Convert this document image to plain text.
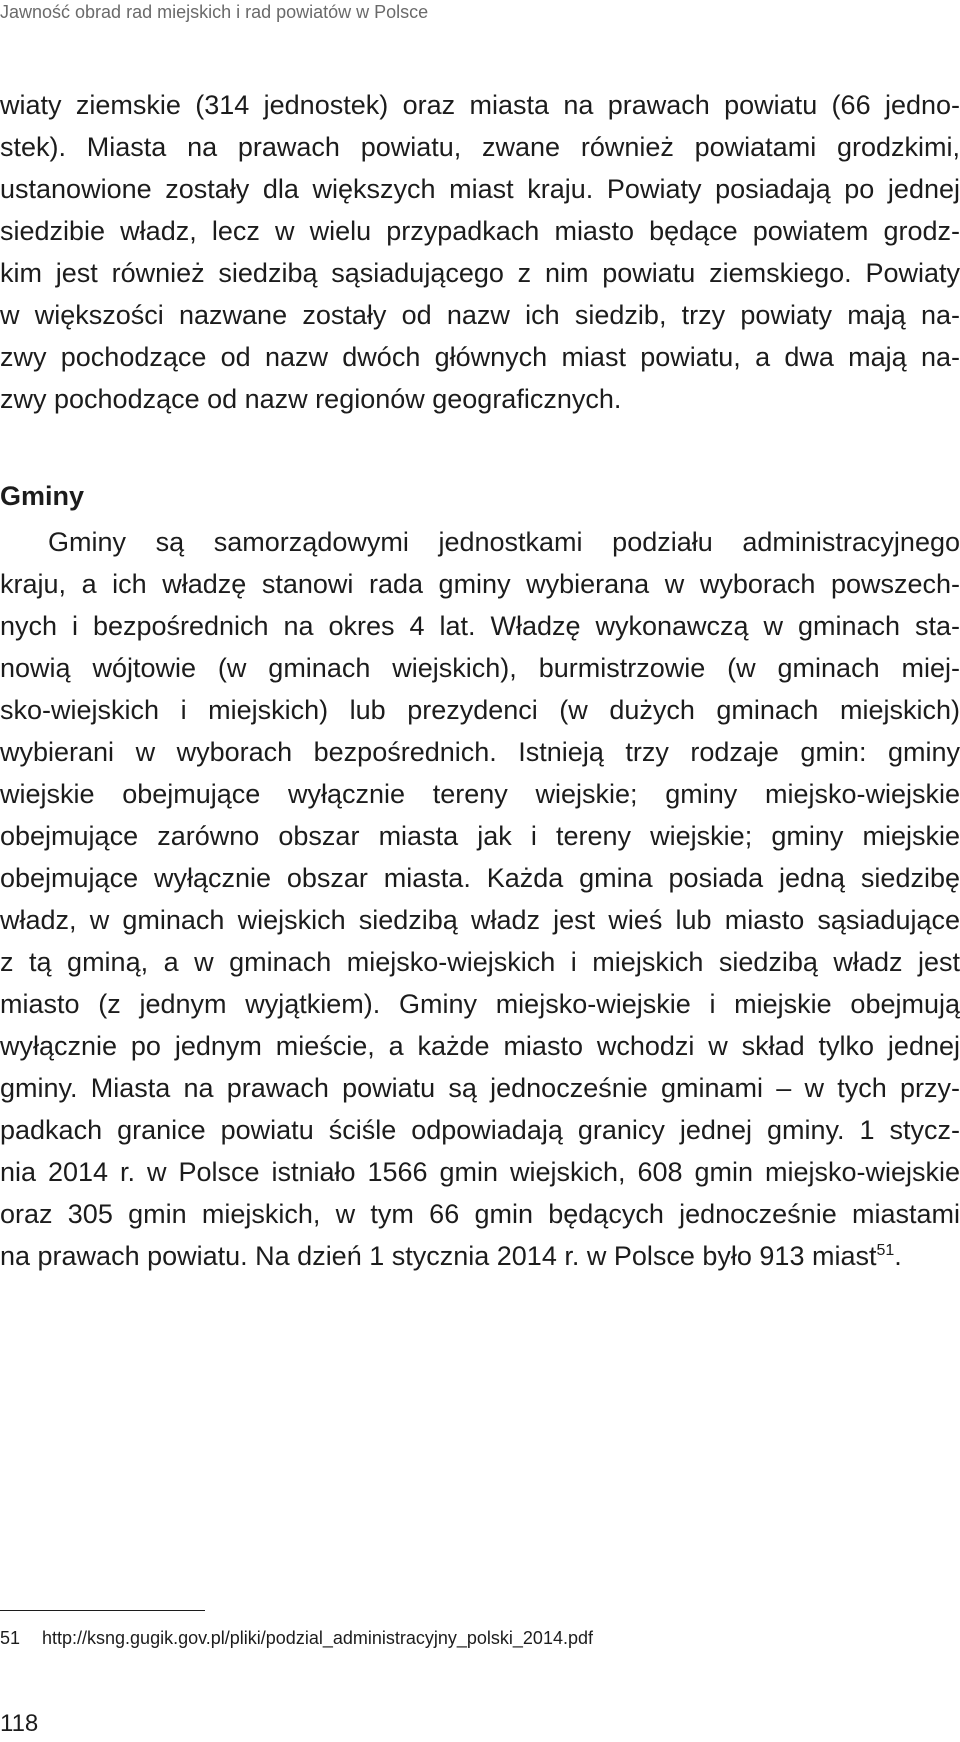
Jawność obrad rad miejskich i rad powiatów w Polsce
wiaty ziemskie (314 jednostek) oraz miasta na prawach powiatu (66 jedno-
stek). Miasta na prawach powiatu, zwane również powiatami grodzkimi,
ustanowione zostały dla większych miast kraju. Powiaty posiadają po jednej
siedzibie władz, lecz w wielu przypadkach miasto będące powiatem grodz-
kim jest również siedzibą sąsiadującego z nim powiatu ziemskiego. Powiaty
w większości nazwane zostały od nazw ich siedzib, trzy powiaty mają na-
zwy pochodzące od nazw dwóch głównych miast powiatu, a dwa mają na-
zwy pochodzące od nazw regionów geograficznych.
Gminy
Gminy są samorządowymi jednostkami podziału administracyjnego
kraju, a ich władzę stanowi rada gminy wybierana w wyborach powszech-
nych i bezpośrednich na okres 4 lat. Władzę wykonawczą w gminach sta-
nowią wójtowie (w gminach wiejskich), burmistrzowie (w gminach miej-
sko-wiejskich i miejskich) lub prezydenci (w dużych gminach miejskich)
wybierani w wyborach bezpośrednich. Istnieją trzy rodzaje gmin: gminy
wiejskie obejmujące wyłącznie tereny wiejskie; gminy miejsko-wiejskie
obejmujące zarówno obszar miasta jak i tereny wiejskie; gminy miejskie
obejmujące wyłącznie obszar miasta. Każda gmina posiada jedną siedzibę
władz, w gminach wiejskich siedzibą władz jest wieś lub miasto sąsiadujące
z tą gminą, a w gminach miejsko-wiejskich i miejskich siedzibą władz jest
miasto (z jednym wyjątkiem). Gminy miejsko-wiejskie i miejskie obejmują
wyłącznie po jednym mieście, a każde miasto wchodzi w skład tylko jednej
gminy. Miasta na prawach powiatu są jednocześnie gminami – w tych przy-
padkach granice powiatu ściśle odpowiadają granicy jednej gminy. 1 stycz-
nia 2014 r. w Polsce istniało 1566 gmin wiejskich, 608 gmin miejsko-wiejskie
oraz 305 gmin miejskich, w tym 66 gmin będących jednocześnie miastami
na prawach powiatu. Na dzień 1 stycznia 2014 r. w Polsce było 913 miast$^{51}$.
51 http://ksng.gugik.gov.pl/pliki/podzial_administracyjny_polski_2014.pdf
118
